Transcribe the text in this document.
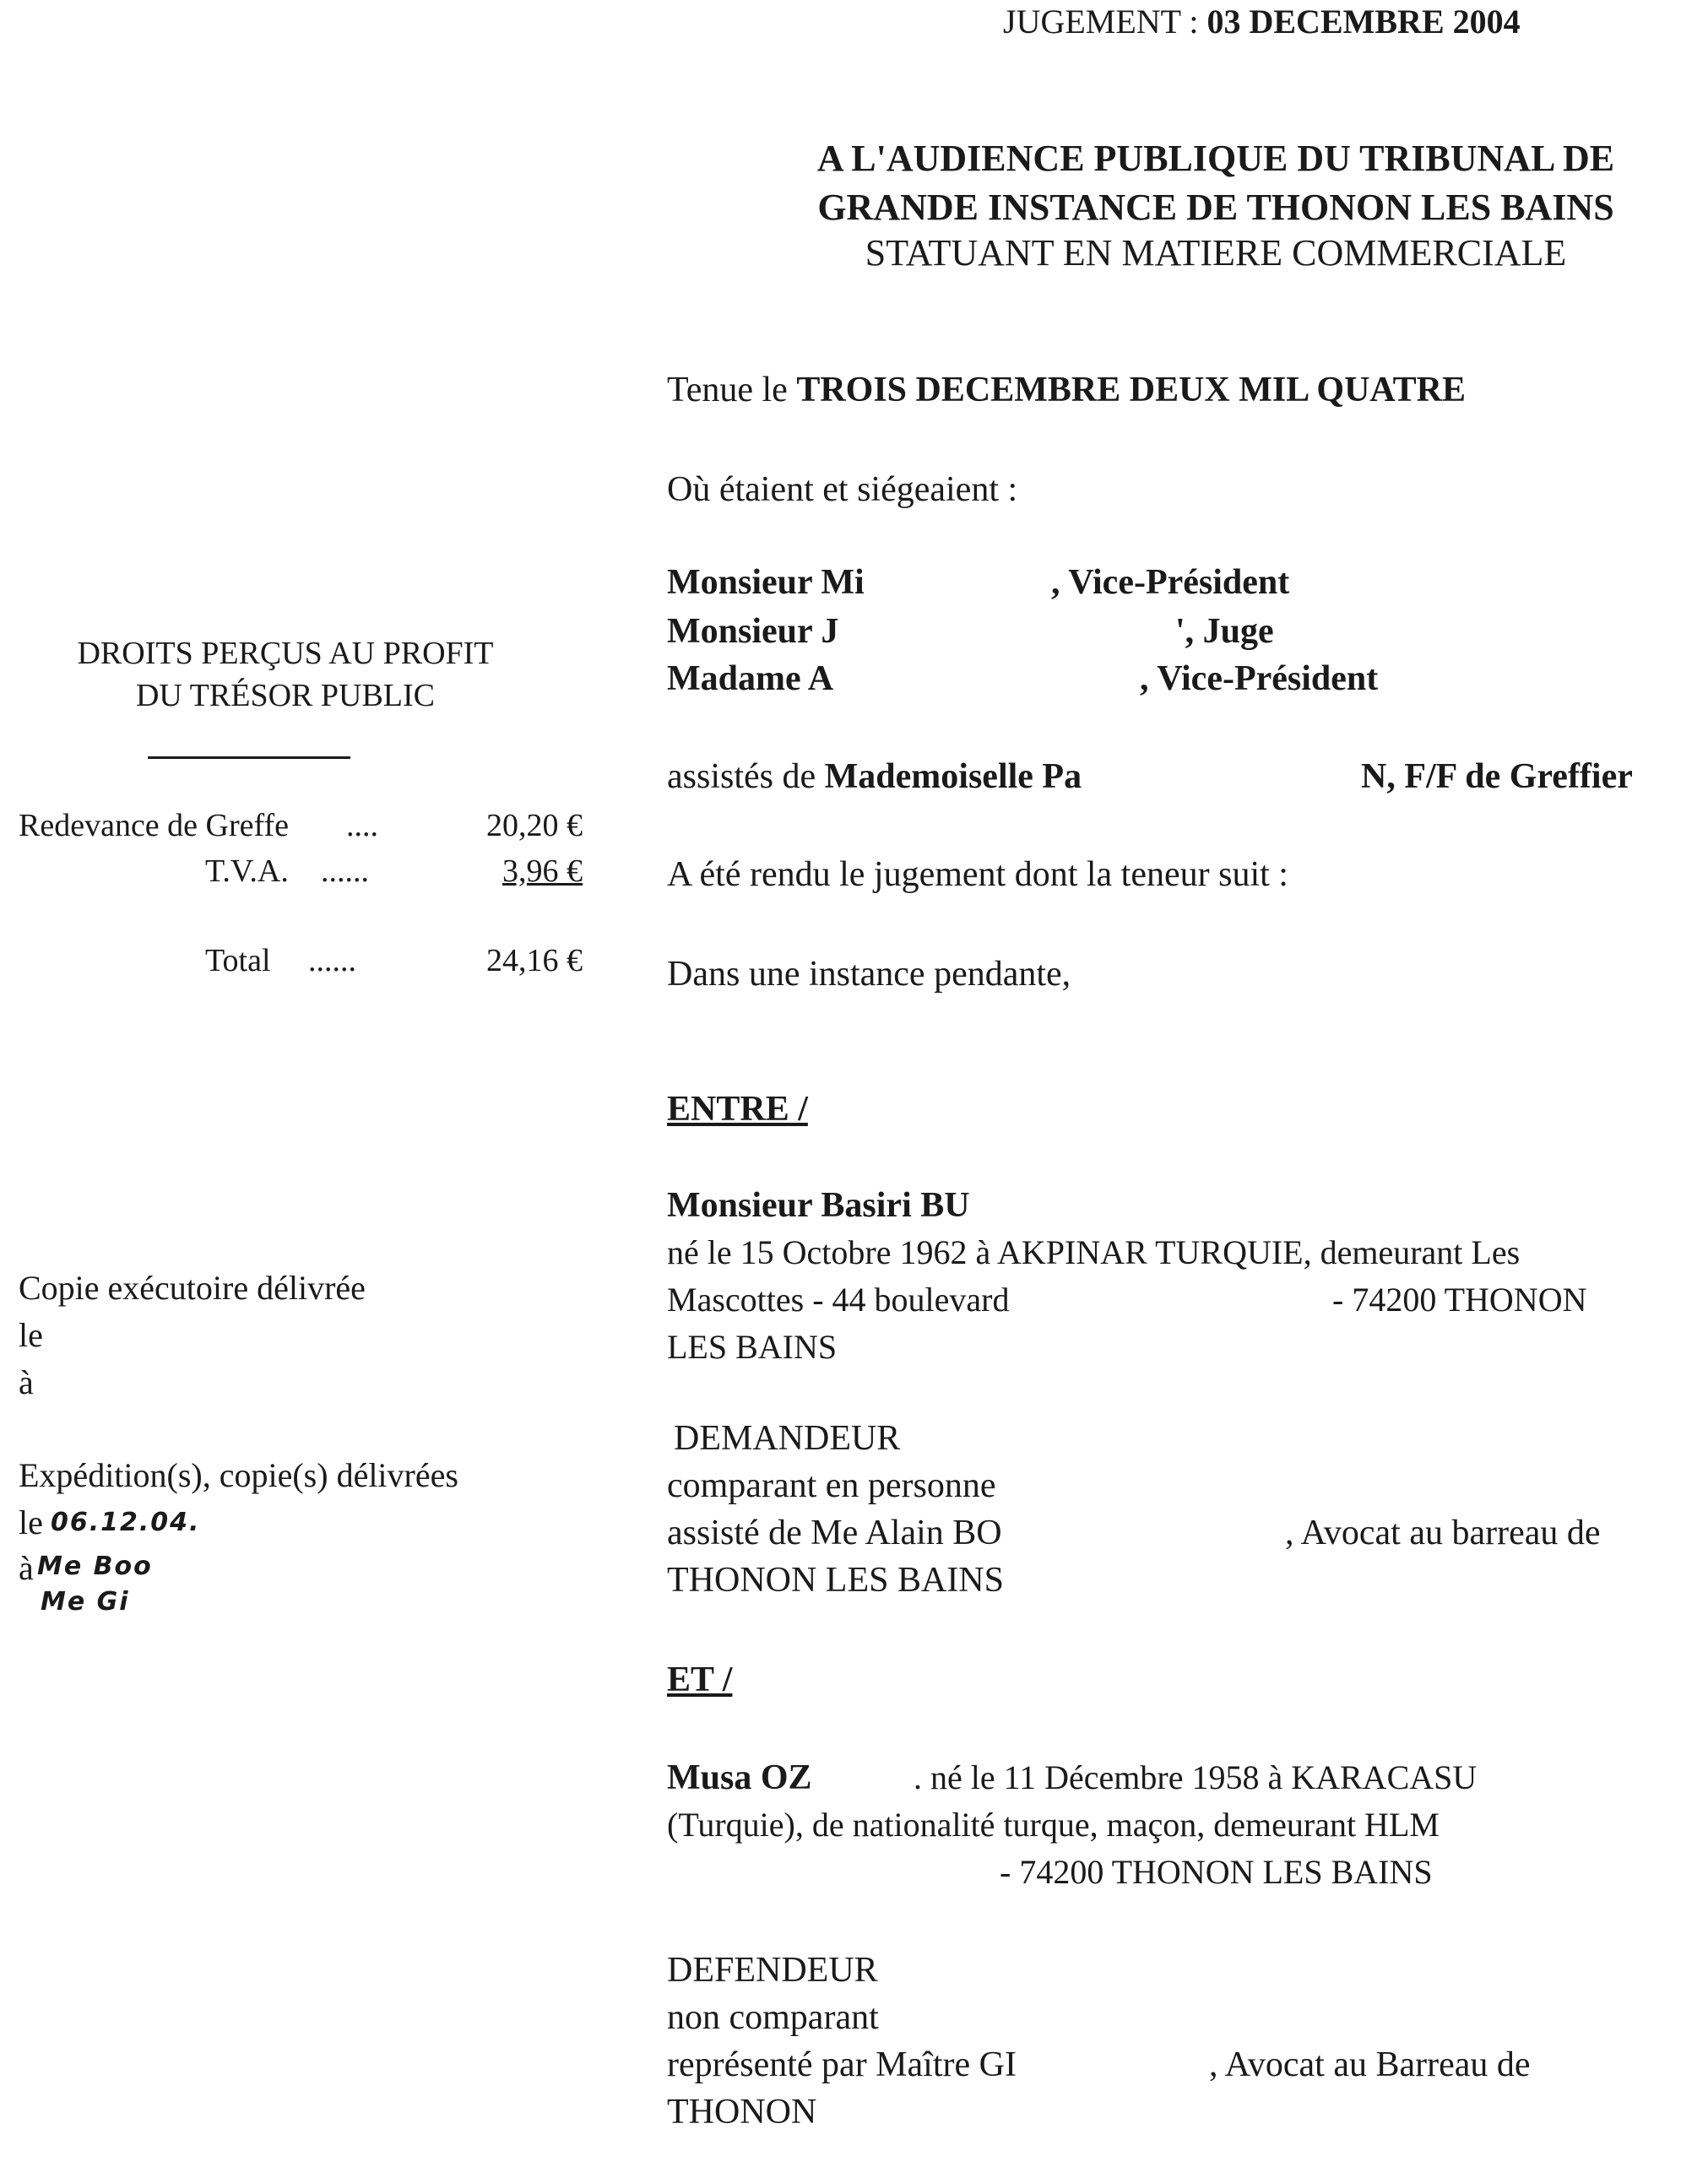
JUGEMENT : 03 DECEMBRE 2004
A L'AUDIENCE PUBLIQUE DU TRIBUNAL DE
GRANDE INSTANCE DE THONON LES BAINS
STATUANT EN MATIERE COMMERCIALE
Tenue le TROIS DECEMBRE DEUX MIL QUATRE
Où étaient et siégeaient :
Monsieur Mi	, Vice-Président
Monsieur J	', Juge
Madame A	, Vice-Président
assistés de Mademoiselle Pa	N, F/F de Greffier
A été rendu le jugement dont la teneur suit :
Dans une instance pendante,
DROITS PERÇUS AU PROFIT
DU TRÉSOR PUBLIC
Redevance de Greffe ....	20,20 €
T.V.A. ......	3,96 €
Total ......	24,16 €
Copie exécutoire délivrée
le
à
Expédition(s), copie(s) délivrées
le 06.12.04.
à Me Boo
Me Gi
ENTRE /
Monsieur Basiri BU
né le 15 Octobre 1962 à AKPINAR TURQUIE, demeurant Les
Mascottes - 44 boulevard	- 74200 THONON
LES BAINS
DEMANDEUR
comparant en personne
assisté de Me Alain BO	, Avocat au barreau de
THONON LES BAINS
ET /
Musa OZ	. né le 11 Décembre 1958 à KARACASU
(Turquie), de nationalité turque, maçon, demeurant HLM
- 74200 THONON LES BAINS
DEFENDEUR
non comparant
représenté par Maître GI	, Avocat au Barreau de
THONON
